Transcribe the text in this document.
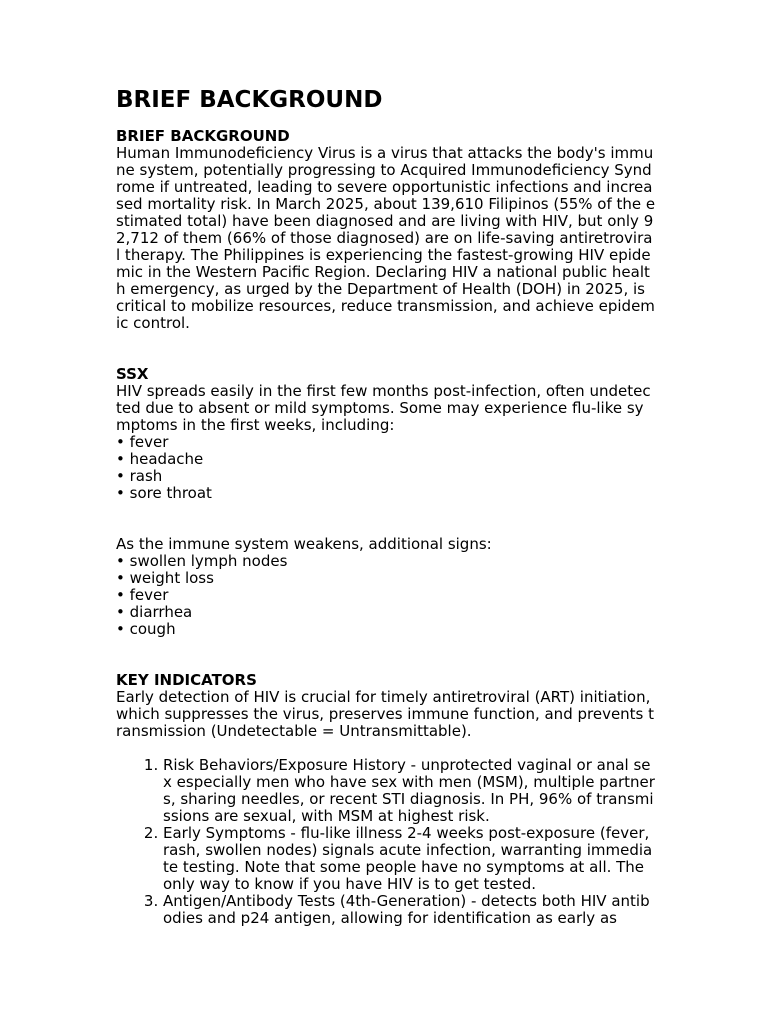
BRIEF BACKGROUND
BRIEF BACKGROUND

Human Immunodeficiency Virus is a virus that attacks the body's immune system, potentially progressing to Acquired Immunodeficiency Syndrome if untreated, leading to severe opportunistic infections and increased mortality risk. In March 2025, about 139,610 Filipinos (55% of the estimated total) have been diagnosed and are living with HIV, but only 92,712 of them (66% of those diagnosed) are on life-saving antiretroviral therapy. The Philippines is experiencing the fastest-growing HIV epidemic in the Western Pacific Region. Declaring HIV a national public health emergency, as urged by the Department of Health (DOH) in 2025, is critical to mobilize resources, reduce transmission, and achieve epidemic control.

SSX

HIV spreads easily in the first few months post-infection, often undetected due to absent or mild symptoms. Some may experience flu-like symptoms in the first weeks, including:

• fever
• headache
• rash
• sore throat

As the immune system weakens, additional signs:

• swollen lymph nodes
• weight loss
• fever
• diarrhea
• cough
KEY INDICATORS

Early detection of HIV is crucial for timely antiretroviral (ART) initiation, which suppresses the virus, preserves immune function, and prevents transmission (Undetectable = Untransmittable).

1. Risk Behaviors/Exposure History - unprotected vaginal or anal sex especially men who have sex with men (MSM), multiple partners, sharing needles, or recent STI diagnosis. In PH, 96% of transmissions are sexual, with MSM at highest risk.
2. Early Symptoms - flu-like illness 2-4 weeks post-exposure (fever, rash, swollen nodes) signals acute infection, warranting immediate testing. Note that some people have no symptoms at all. The only way to know if you have HIV is to get tested.
3. Antigen/Antibody Tests (4th-Generation) - detects both HIV antibodies and p24 antigen, allowing for identification as early as
